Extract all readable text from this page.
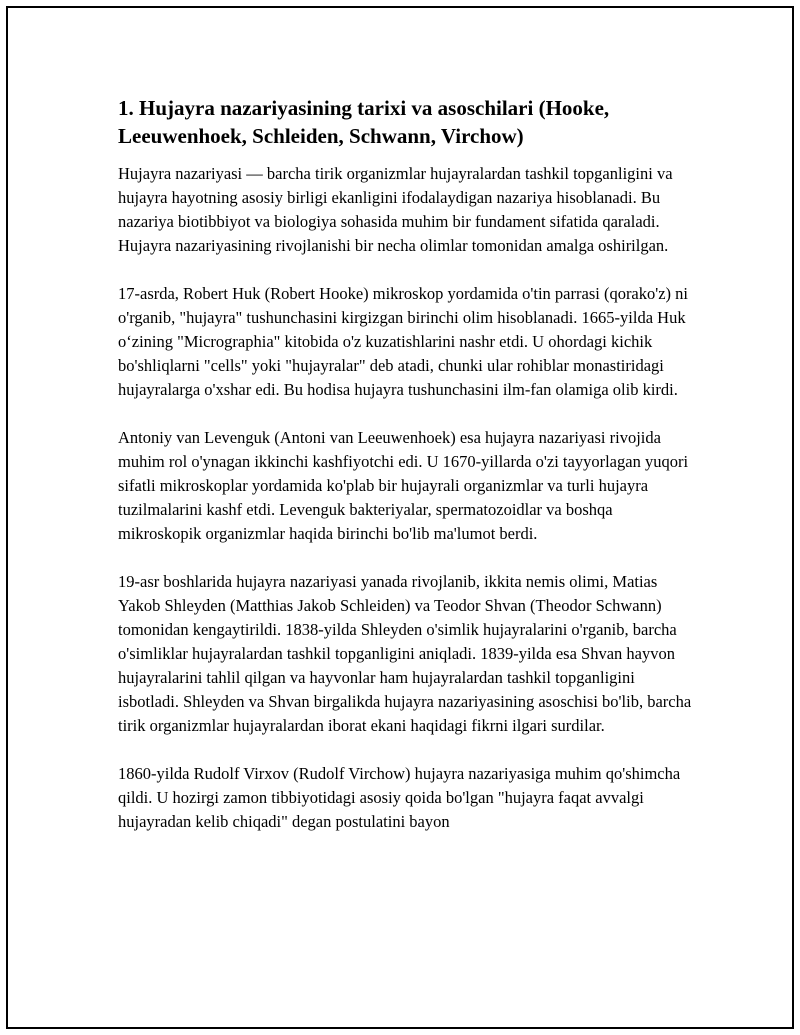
1. Hujayra nazariyasining tarixi va asoschilari (Hooke, Leeuwenhoek, Schleiden, Schwann, Virchow)

Hujayra nazariyasi — barcha tirik organizmlar hujayralardan tashkil topganligini va hujayra hayotning asosiy birligi ekanligini ifodalaydigan nazariya hisoblanadi. Bu nazariya biotibbiyot va biologiya sohasida muhim bir fundament sifatida qaraladi. Hujayra nazariyasining rivojlanishi bir necha olimlar tomonidan amalga oshirilgan.

17-asrda, Robert Huk (Robert Hooke) mikroskop yordamida o'tin parrasi (qorako'z) ni o'rganib, "hujayra" tushunchasini kirgizgan birinchi olim hisoblanadi. 1665-yilda Huk o‘zining "Micrographia" kitobida o'z kuzatishlarini nashr etdi. U ohordagi kichik bo'shliqlarni "cells" yoki "hujayralar" deb atadi, chunki ular rohiblar monastiridagi hujayralarga o'xshar edi. Bu hodisa hujayra tushunchasini ilm-fan olamiga olib kirdi.

Antoniy van Levenguk (Antoni van Leeuwenhoek) esa hujayra nazariyasi rivojida muhim rol o'ynagan ikkinchi kashfiyotchi edi. U 1670-yillarda o'zi tayyorlagan yuqori sifatli mikroskoplar yordamida ko'plab bir hujayrali organizmlar va turli hujayra tuzilmalarini kashf etdi. Levenguk bakteriyalar, spermatozoidlar va boshqa mikroskopik organizmlar haqida birinchi bo'lib ma'lumot berdi.

19-asr boshlarida hujayra nazariyasi yanada rivojlanib, ikkita nemis olimi, Matias Yakob Shleyden (Matthias Jakob Schleiden) va Teodor Shvan (Theodor Schwann) tomonidan kengaytirildi. 1838-yilda Shleyden o'simlik hujayralarini o'rganib, barcha o'simliklar hujayralardan tashkil topganligini aniqladi. 1839-yilda esa Shvan hayvon hujayralarini tahlil qilgan va hayvonlar ham hujayralardan tashkil topganligini isbotladi. Shleyden va Shvan birgalikda hujayra nazariyasining asoschisi bo'lib, barcha tirik organizmlar hujayralardan iborat ekani haqidagi fikrni ilgari surdilar.

1860-yilda Rudolf Virxov (Rudolf Virchow) hujayra nazariyasiga muhim qo'shimcha qildi. U hozirgi zamon tibbiyotidagi asosiy qoida bo'lgan "hujayra faqat avvalgi hujayradan kelib chiqadi" degan postulatini bayon
